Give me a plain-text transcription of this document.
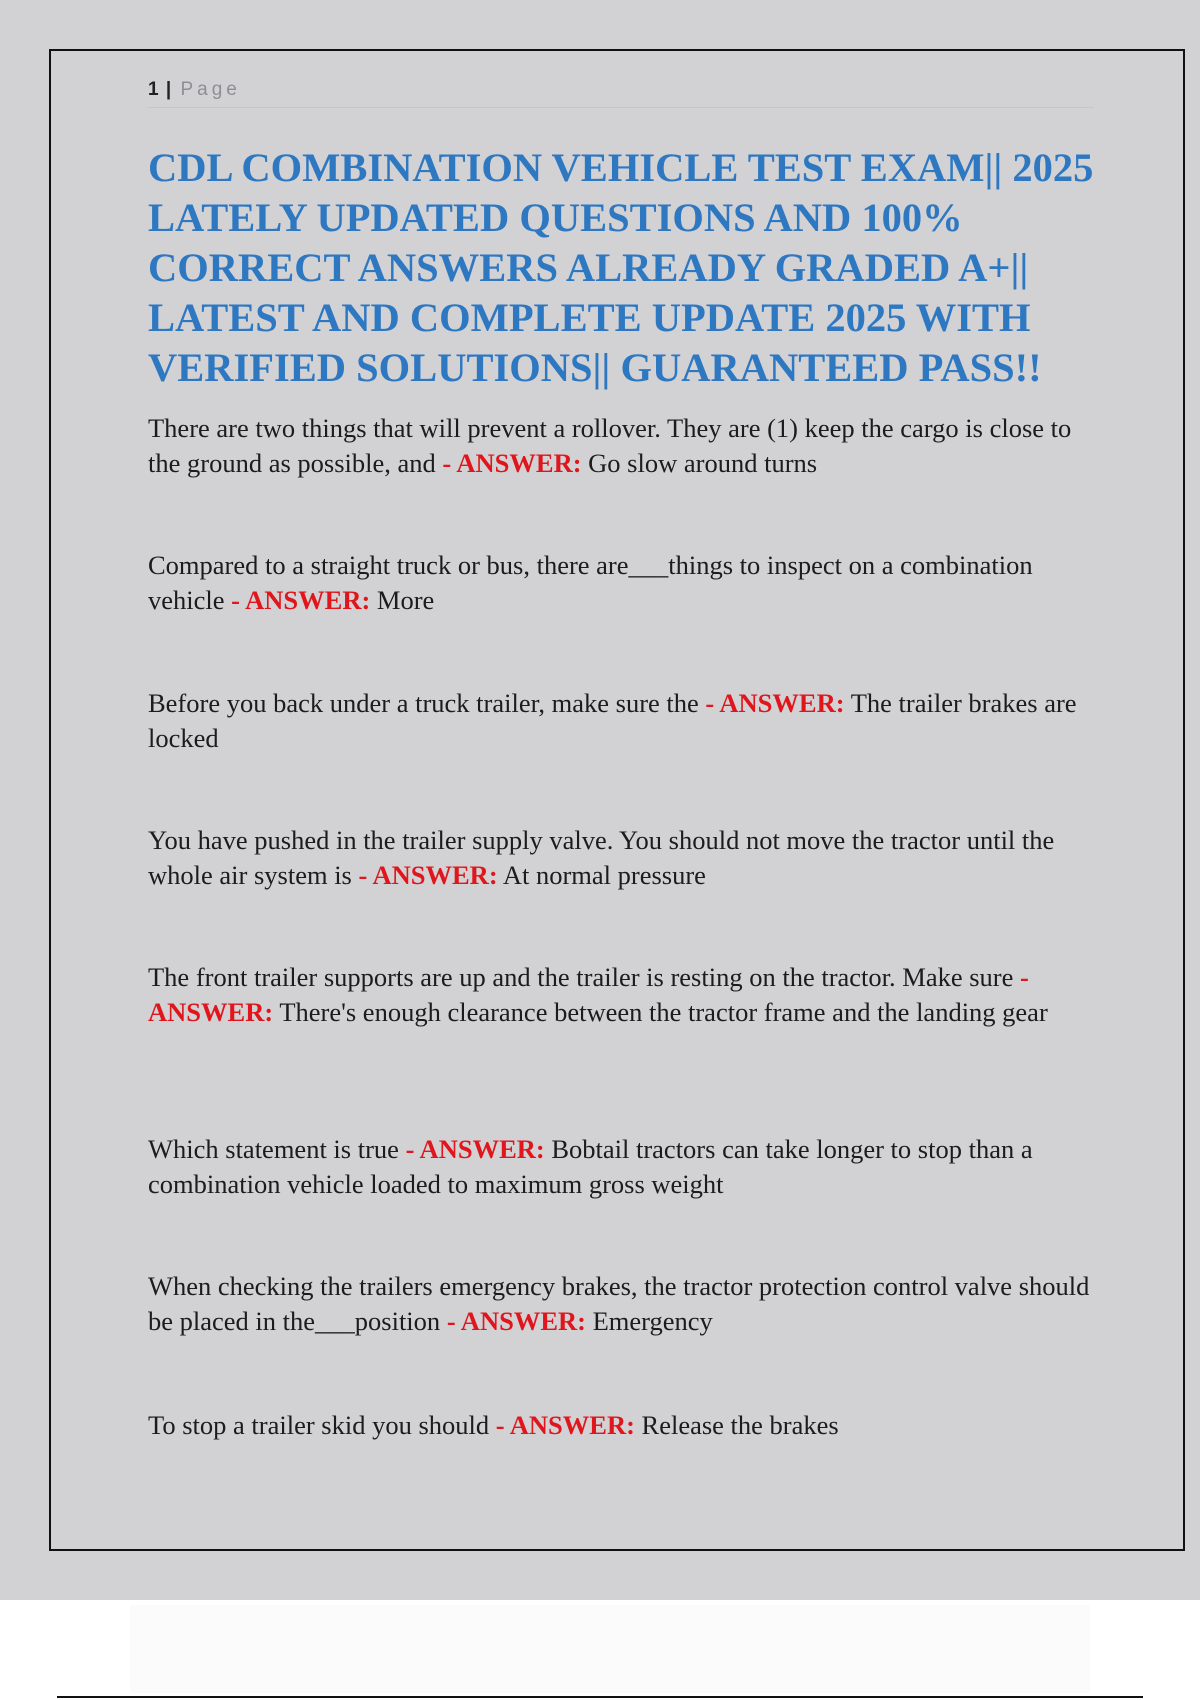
1 | Page
CDL COMBINATION VEHICLE TEST EXAM|| 2025 LATELY UPDATED QUESTIONS AND 100% CORRECT ANSWERS ALREADY GRADED A+|| LATEST AND COMPLETE UPDATE 2025 WITH VERIFIED SOLUTIONS|| GUARANTEED PASS!!

There are two things that will prevent a rollover. They are (1) keep the cargo is close to the ground as possible, and - ANSWER: Go slow around turns

Compared to a straight truck or bus, there are___things to inspect on a combination vehicle - ANSWER: More

Before you back under a truck trailer, make sure the - ANSWER: The trailer brakes are locked

You have pushed in the trailer supply valve. You should not move the tractor until the whole air system is - ANSWER: At normal pressure

The front trailer supports are up and the trailer is resting on the tractor. Make sure - ANSWER: There's enough clearance between the tractor frame and the landing gear

Which statement is true - ANSWER: Bobtail tractors can take longer to stop than a combination vehicle loaded to maximum gross weight

When checking the trailers emergency brakes, the tractor protection control valve should be placed in the___position - ANSWER: Emergency

To stop a trailer skid you should - ANSWER: Release the brakes
